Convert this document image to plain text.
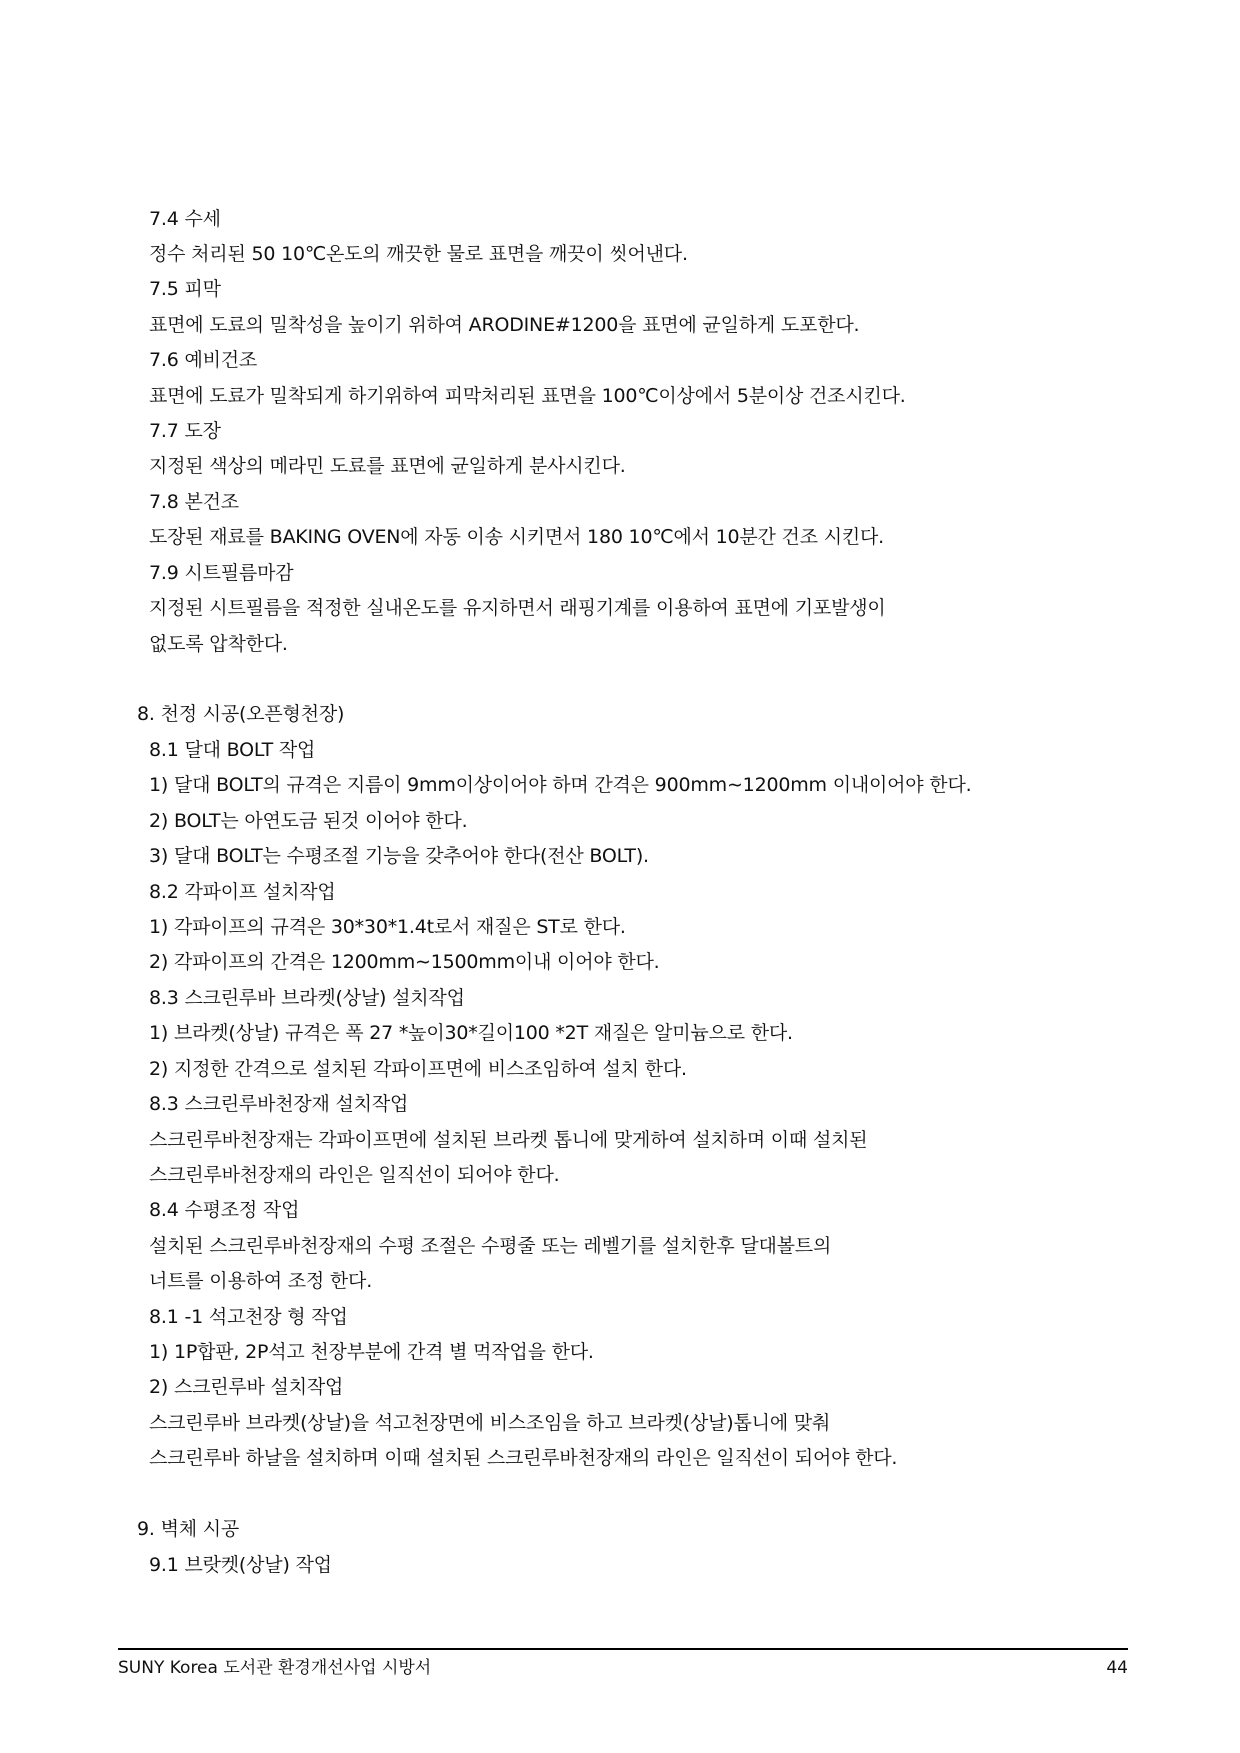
7.4 수세
정수 처리된 50 10℃온도의 깨끗한 물로 표면을 깨끗이 씻어낸다.
7.5 피막
표면에 도료의 밀착성을 높이기 위하여 ARODINE#1200을 표면에 균일하게 도포한다.
7.6 예비건조
표면에 도료가 밀착되게 하기위하여 피막처리된 표면을 100℃이상에서 5분이상 건조시킨다.
7.7 도장
지정된 색상의 메라민 도료를 표면에 균일하게 분사시킨다.
7.8 본건조
도장된 재료를 BAKING OVEN에 자동 이송 시키면서 180 10℃에서 10분간 건조 시킨다.
7.9 시트필름마감
지정된 시트필름을 적정한 실내온도를 유지하면서 래핑기계를 이용하여 표면에 기포발생이
없도록 압착한다.
8. 천정 시공(오픈형천장)
8.1 달대 BOLT 작업
1) 달대 BOLT의 규격은 지름이 9mm이상이어야 하며 간격은 900mm∼1200mm 이내이어야 한다.
2) BOLT는 아연도금 된것 이어야 한다.
3) 달대 BOLT는 수평조절 기능을 갖추어야 한다(전산 BOLT).
8.2 각파이프 설치작업
1) 각파이프의 규격은 30*30*1.4t로서 재질은 ST로 한다.
2) 각파이프의 간격은 1200mm∼1500mm이내 이어야 한다.
8.3 스크린루바 브라켓(상날) 설치작업
1) 브라켓(상날) 규격은 폭 27 *높이30*길이100 *2T 재질은 알미늄으로 한다.
2) 지정한 간격으로 설치된 각파이프면에 비스조임하여 설치 한다.
8.3 스크린루바천장재 설치작업
스크린루바천장재는 각파이프면에 설치된 브라켓 톱니에 맞게하여 설치하며 이때 설치된
스크린루바천장재의 라인은 일직선이 되어야 한다.
8.4 수평조정 작업
설치된 스크린루바천장재의 수평 조절은 수평줄 또는 레벨기를 설치한후 달대볼트의
너트를 이용하여 조정 한다.
8.1 -1 석고천장 형 작업
1) 1P합판, 2P석고 천장부분에 간격 별 먹작업을 한다.
2) 스크린루바 설치작업
스크린루바 브라켓(상날)을 석고천장면에 비스조임을 하고 브라켓(상날)톱니에 맞춰
스크린루바 하날을 설치하며 이때 설치된 스크린루바천장재의 라인은 일직선이 되어야 한다.
9. 벽체 시공
9.1 브랏켓(상날) 작업
SUNY Korea 도서관 환경개선사업 시방서	44
